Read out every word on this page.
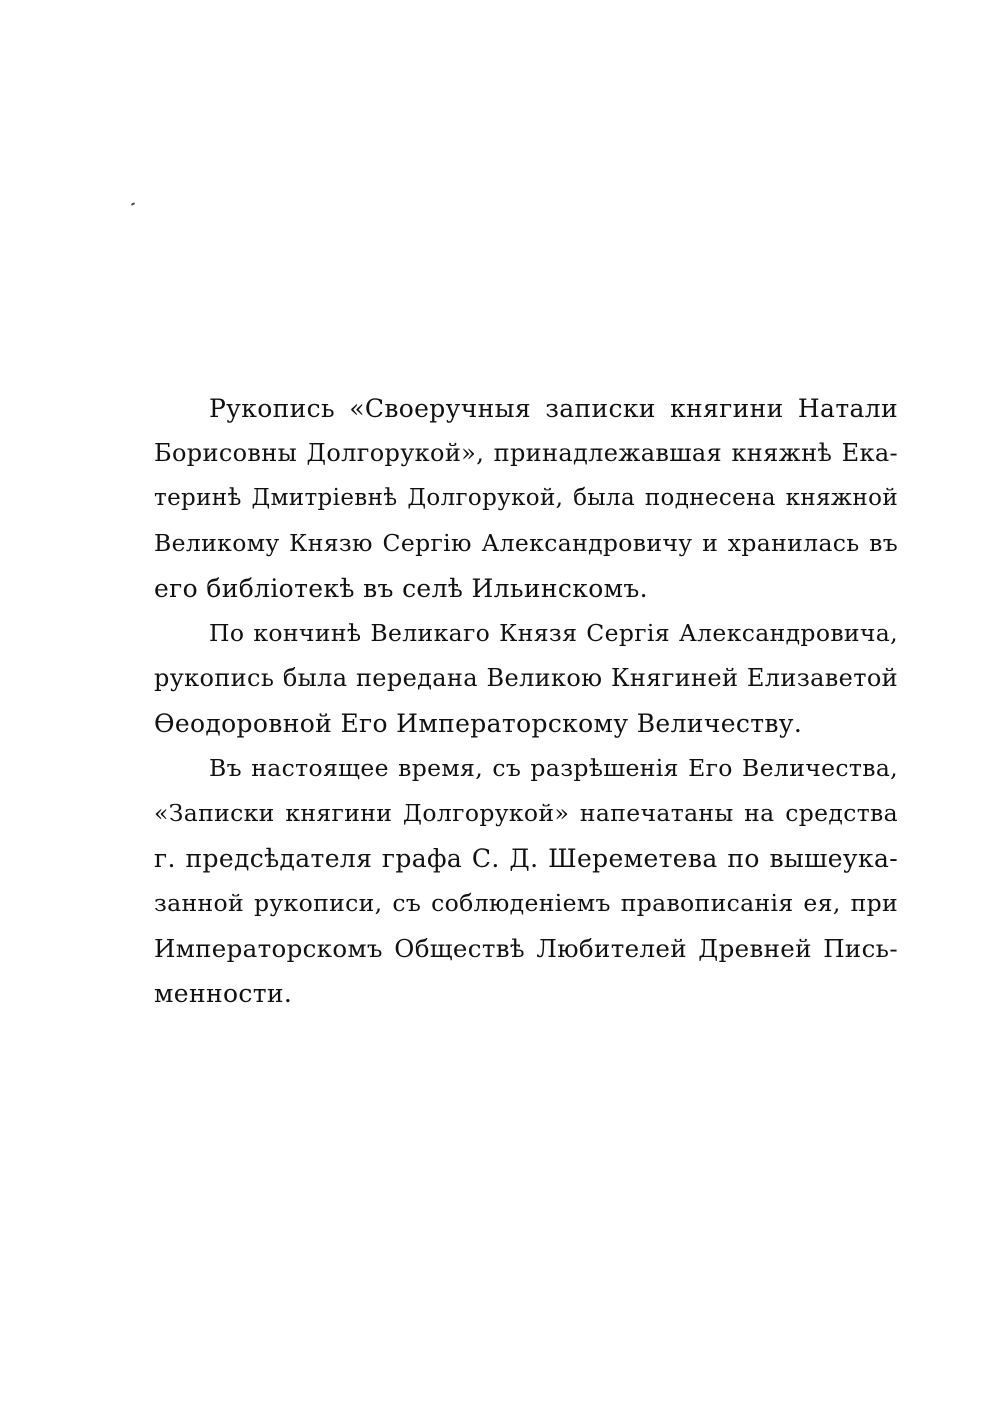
Рукопись «Своеручныя записки княгини Натали
Борисовны Долгорукой», принадлежавшая княжнѣ Ека-
теринѣ Дмитріевнѣ Долгорукой, была поднесена княжной
Великому Князю Сергію Александровичу и хранилась въ
его библіотекѣ въ селѣ Ильинскомъ.
По кончинѣ Великаго Князя Сергія Александровича,
рукопись была передана Великою Княгиней Елизаветой
Ѳеодоровной Его Императорскому Величеству.
Въ настоящее время, съ разрѣшенія Его Величества,
«Записки княгини Долгорукой» напечатаны на средства
г. предсѣдателя графа С. Д. Шереметева по вышеука-
занной рукописи, съ соблюденіемъ правописанія ея, при
Императорскомъ Обществѣ Любителей Древней Пись-
менности.
